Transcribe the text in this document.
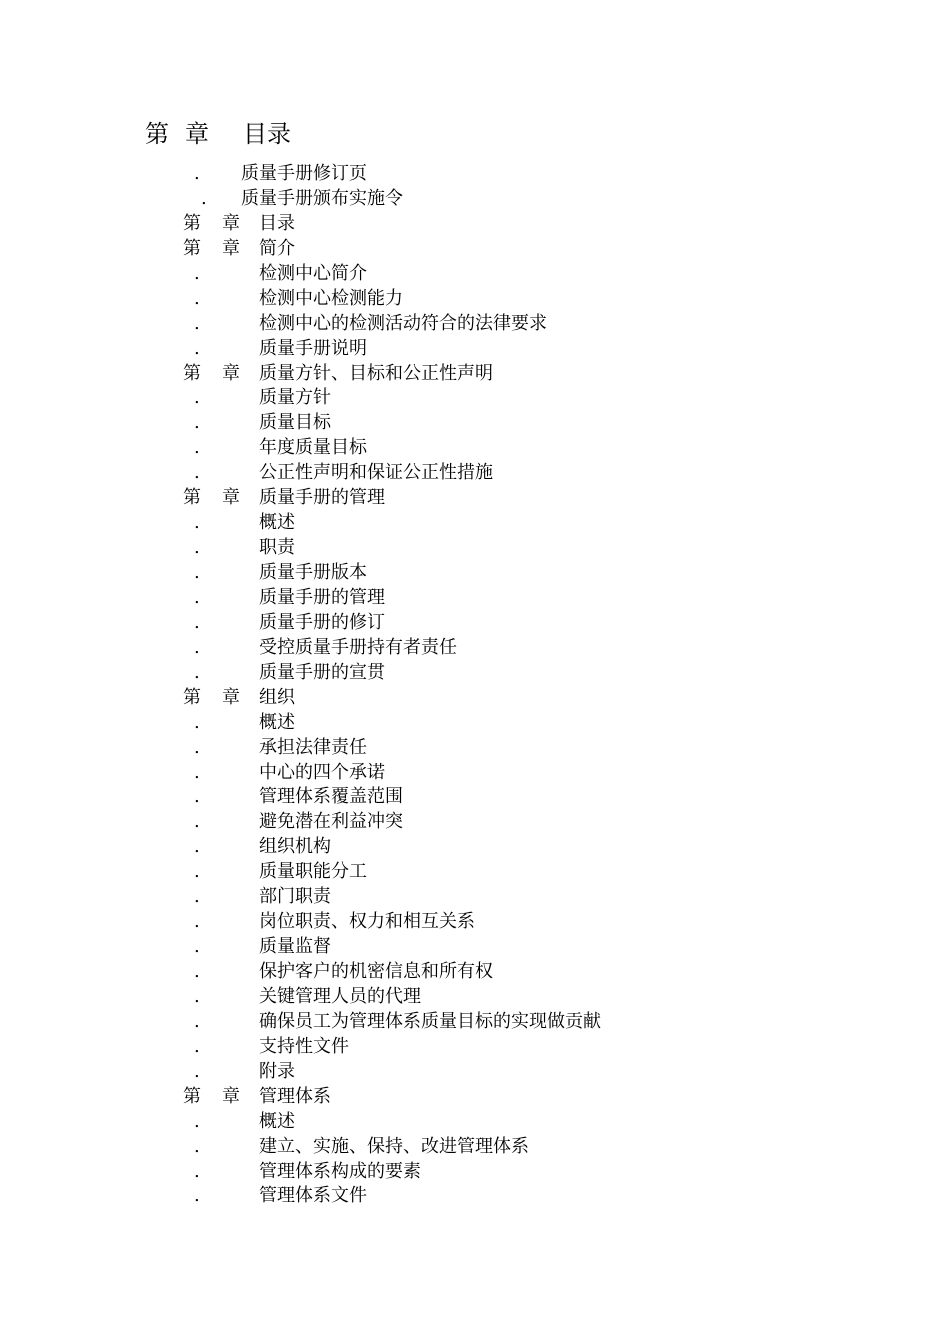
第 章 目录
. 质量手册修订页
. 质量手册颁布实施令
第 章 目录
第 章 简介
.	检测中心简介
.	检测中心检测能力
.	检测中心的检测活动符合的法律要求
.	质量手册说明
第 章 质量方针、目标和公正性声明
.	质量方针
.	质量目标
.	年度质量目标
.	公正性声明和保证公正性措施
第 章 质量手册的管理
.	概述
.	职责
.	质量手册版本
.	质量手册的管理
.	质量手册的修订
.	受控质量手册持有者责任
.	质量手册的宣贯
第 章 组织
.	概述
.	承担法律责任
.	中心的四个承诺
.	管理体系覆盖范围
.	避免潜在利益冲突
.	组织机构
.	质量职能分工
.	部门职责
.	岗位职责、权力和相互关系
.	质量监督
.	保护客户的机密信息和所有权
.	关键管理人员的代理
.	确保员工为管理体系质量目标的实现做贡献
.	支持性文件
.	附录
第 章 管理体系
.	概述
.	建立、实施、保持、改进管理体系
.	管理体系构成的要素
.	管理体系文件
